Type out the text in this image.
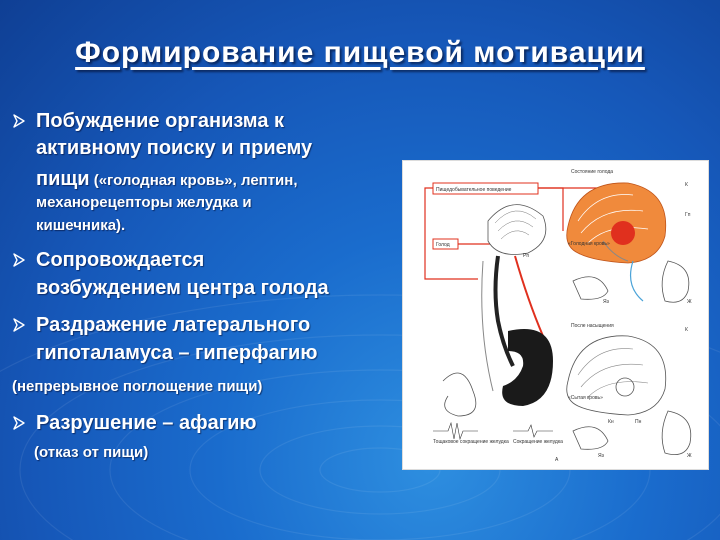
Формирование пищевой мотивации
Побуждение организма к
активному поиску и приему
пищи («голодная кровь», лептин,
механорецепторы желудка и
кишечника).
Сопровождается
возбуждением центра голода
Раздражение латерального
гипоталамуса – гиперфагию
(непрерывное поглощение пищи)
Разрушение – афагию
(отказ от пищи)
Пищедобывательное поведение
Голод
Рh
Тощаковое сокращение желудка Сокращение желудка
Состояние голода
К
Гп
«Голодная кровь»
Яз	Ж
После насыщения
К
«Сытая кровь»
Кн	Пн
Яз	Ж
А
